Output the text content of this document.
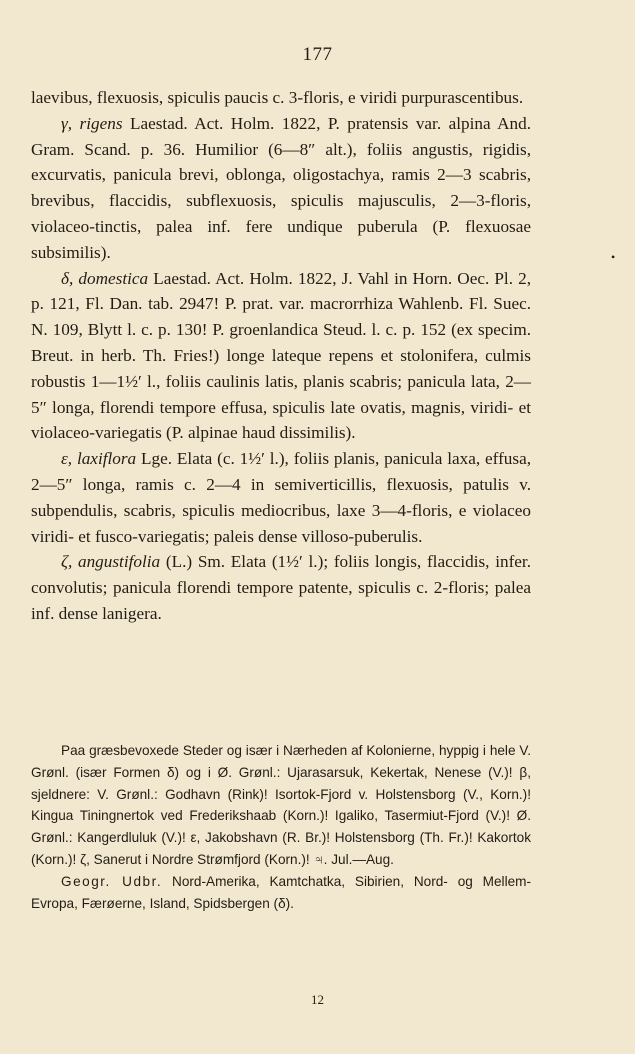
177

laevibus, flexuosis, spiculis paucis c. 3-floris, e viridi purpurascentibus.

γ, rigens Laestad. Act. Holm. 1822, P. pratensis var. alpina And. Gram. Scand. p. 36. Humilior (6—8″ alt.), foliis angustis, rigidis, excurvatis, panicula brevi, oblonga, oligostachya, ramis 2—3 scabris, brevibus, flaccidis, subflexuosis, spiculis majusculis, 2—3-floris, violaceo-tinctis, palea inf. fere undique puberula (P. flexuosae subsimilis).

δ, domestica Laestad. Act. Holm. 1822, J. Vahl in Horn. Oec. Pl. 2, p. 121, Fl. Dan. tab. 2947! P. prat. var. macrorrhiza Wahlenb. Fl. Suec. N. 109, Blytt l. c. p. 130! P. groenlandica Steud. l. c. p. 152 (ex specim. Breut. in herb. Th. Fries!) longe lateque repens et stolonifera, culmis robustis 1—1½′ l., foliis caulinis latis, planis scabris; panicula lata, 2—5″ longa, florendi tempore effusa, spiculis late ovatis, magnis, viridi- et violaceo-variegatis (P. alpinae haud dissimilis).

ε, laxiflora Lge. Elata (c. 1½′ l.), foliis planis, panicula laxa, effusa, 2—5″ longa, ramis c. 2—4 in semiverticillis, flexuosis, patulis v. subpendulis, scabris, spiculis mediocribus, laxe 3—4-floris, e violaceo viridi- et fusco-variegatis; paleis dense villoso-puberulis.

ζ, angustifolia (L.) Sm. Elata (1½′ l.); foliis longis, flaccidis, infer. convolutis; panicula florendi tempore patente, spiculis c. 2-floris; palea inf. dense lanigera.

Paa græsbevoxede Steder og især i Nærheden af Kolonierne, hyppig i hele V. Grønl. (især Formen δ) og i Ø. Grønl.: Ujarasarsuk, Kekertak, Nenese (V.)! β, sjeldnere: V. Grønl.: Godhavn (Rink)! Isortok-Fjord v. Holstensborg (V., Korn.)! Kingua Tiningnertok ved Frederikshaab (Korn.)! Igaliko, Tasermiut-Fjord (V.)! Ø. Grønl.: Kangerdluluk (V.)! ε, Jakobshavn (R. Br.)! Holstensborg (Th. Fr.)! Kakortok (Korn.)! ζ, Sanerut i Nordre Strømfjord (Korn.)! ♃. Jul.—Aug.

Geogr. Udbr. Nord-Amerika, Kamtchatka, Sibirien, Nord- og Mellem-Evropa, Færøerne, Island, Spidsbergen (δ).

12
•
